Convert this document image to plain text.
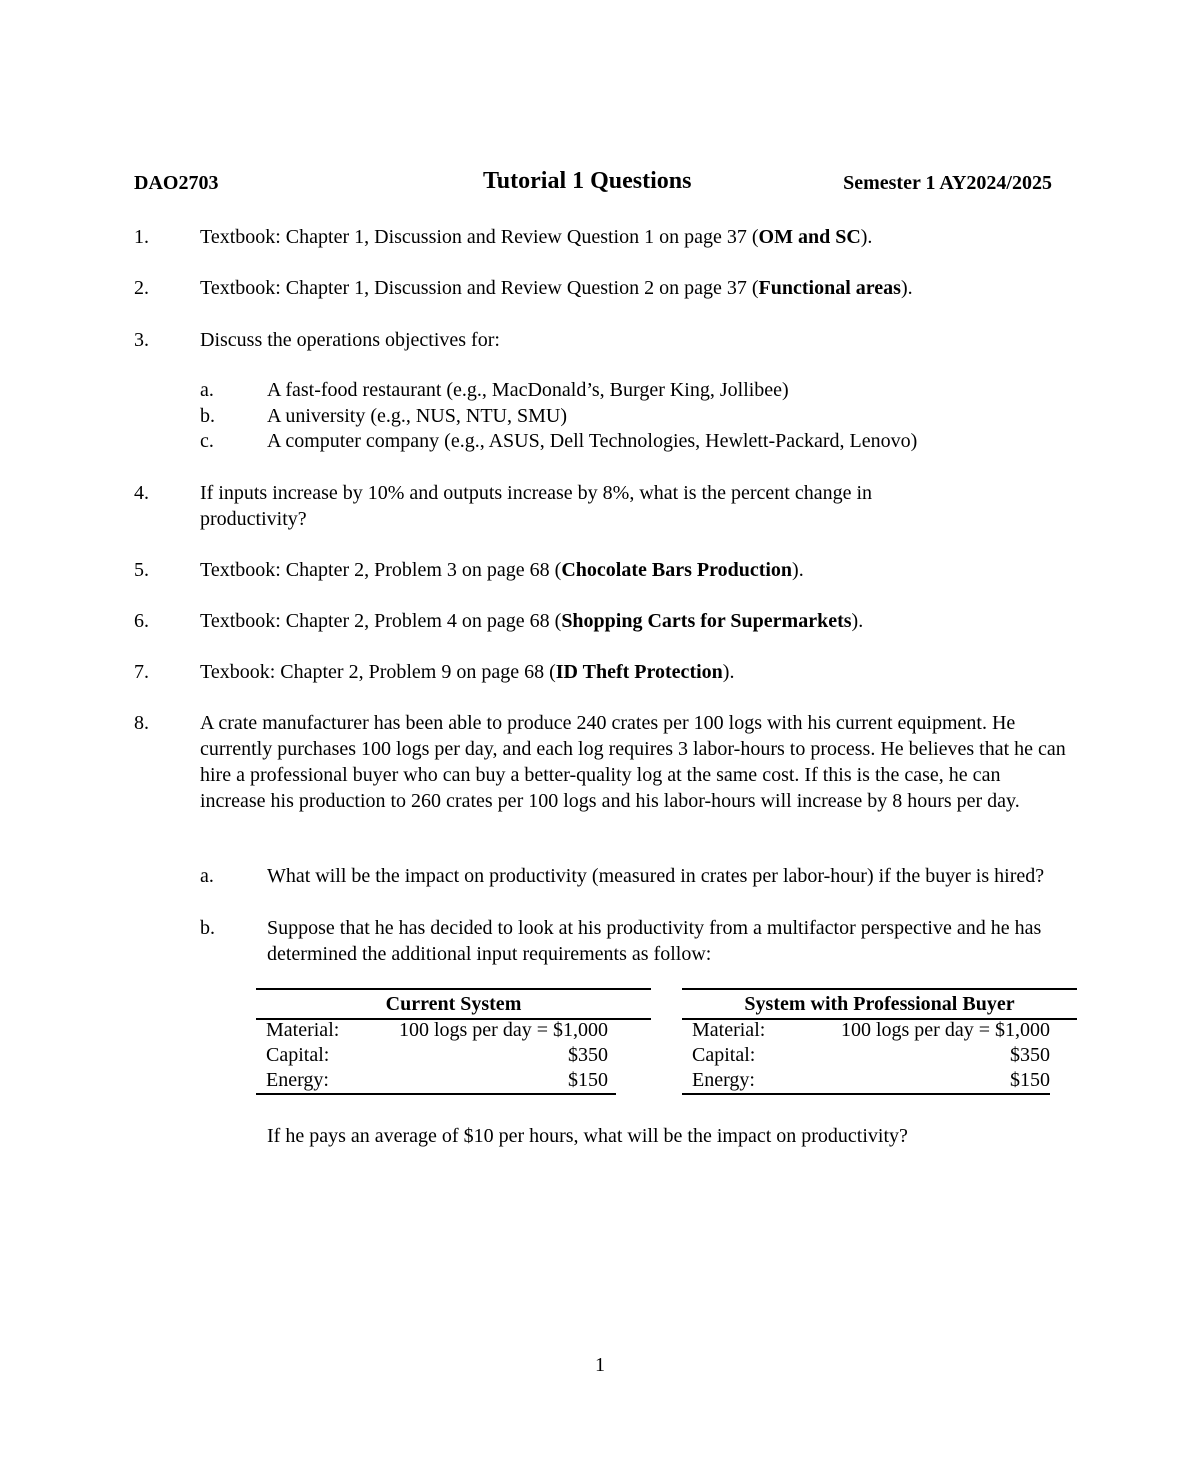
DAO2703	Tutorial 1 Questions	Semester 1 AY2024/2025
1.	Textbook: Chapter 1, Discussion and Review Question 1 on page 37 (OM and SC).
2.	Textbook: Chapter 1, Discussion and Review Question 2 on page 37 (Functional areas).
3.	Discuss the operations objectives for:
a.	A fast-food restaurant (e.g., MacDonald’s, Burger King, Jollibee)
b.	A university (e.g., NUS, NTU, SMU)
c.	A computer company (e.g., ASUS, Dell Technologies, Hewlett-Packard, Lenovo)
4.	If inputs increase by 10% and outputs increase by 8%, what is the percent change in productivity?
5.	Textbook: Chapter 2, Problem 3 on page 68 (Chocolate Bars Production).
6.	Textbook: Chapter 2, Problem 4 on page 68 (Shopping Carts for Supermarkets).
7.	Texbook: Chapter 2, Problem 9 on page 68 (ID Theft Protection).
8.	A crate manufacturer has been able to produce 240 crates per 100 logs with his current equipment. He currently purchases 100 logs per day, and each log requires 3 labor-hours to process. He believes that he can hire a professional buyer who can buy a better-quality log at the same cost. If this is the case, he can increase his production to 260 crates per 100 logs and his labor-hours will increase by 8 hours per day.
a.	What will be the impact on productivity (measured in crates per labor-hour) if the buyer is hired?
b.	Suppose that he has decided to look at his productivity from a multifactor perspective and he has determined the additional input requirements as follow:
Current System
Material:	100 logs per day = $1,000
Capital:	$350
Energy:	$150
System with Professional Buyer
Material:	100 logs per day = $1,000
Capital:	$350
Energy:	$150
If he pays an average of $10 per hours, what will be the impact on productivity?
1
